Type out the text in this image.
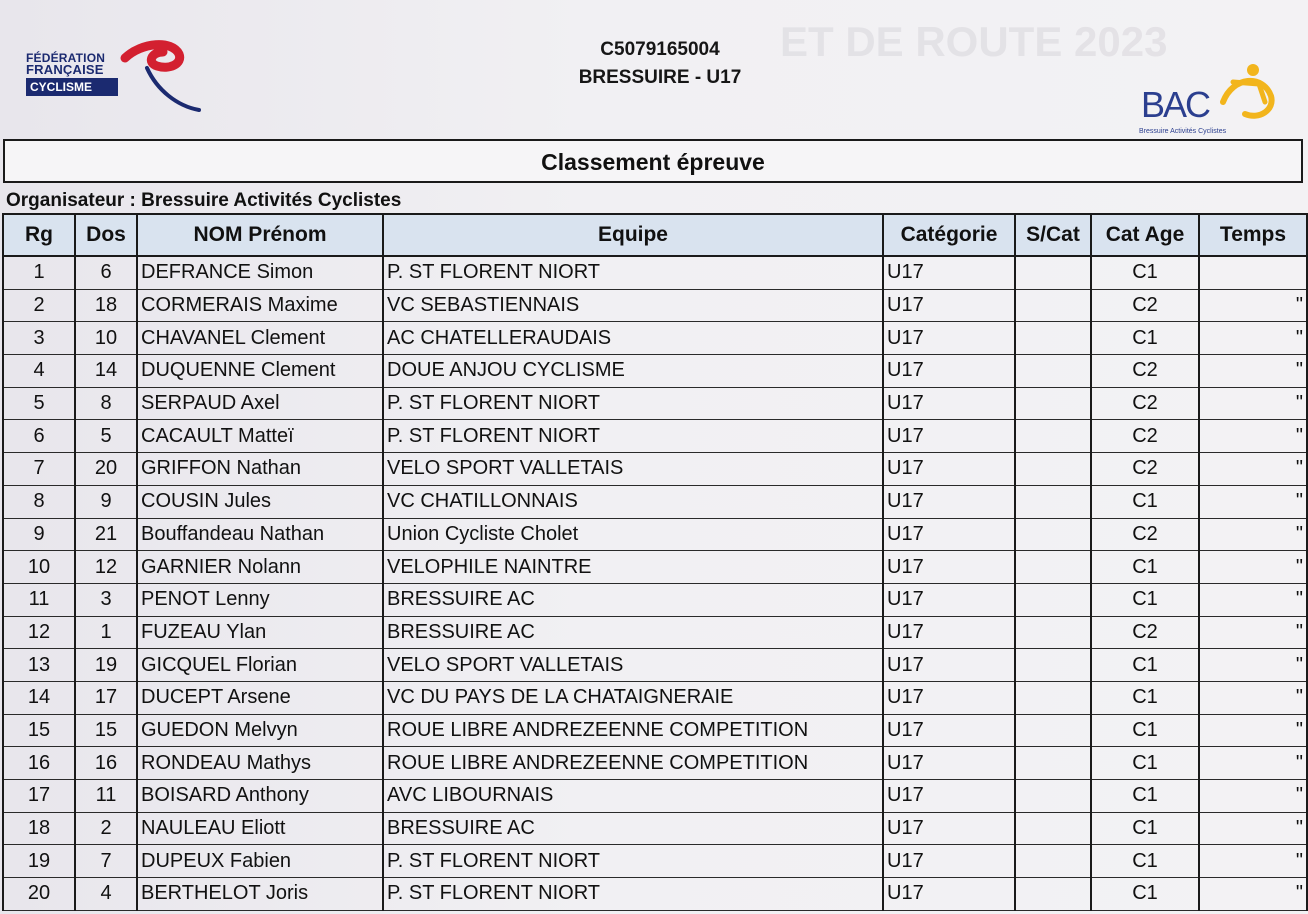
ET DE ROUTE 2023
FÉDÉRATION
FRANÇAISE
CYCLISME
C5079165004
BRESSUIRE - U17
BAC
Bressuire Activités Cyclistes
Classement épreuve
Organisateur : Bressuire Activités Cyclistes
Rg	Dos	NOM Prénom	Equipe	Catégorie	S/Cat	Cat Age	Temps
1	6	DEFRANCE Simon	P. ST FLORENT NIORT	U17		C1	
2	18	CORMERAIS Maxime	VC SEBASTIENNAIS	U17		C2	"
3	10	CHAVANEL Clement	AC CHATELLERAUDAIS	U17		C1	"
4	14	DUQUENNE Clement	DOUE ANJOU CYCLISME	U17		C2	"
5	8	SERPAUD Axel	P. ST FLORENT NIORT	U17		C2	"
6	5	CACAULT Matteï	P. ST FLORENT NIORT	U17		C2	"
7	20	GRIFFON Nathan	VELO SPORT VALLETAIS	U17		C2	"
8	9	COUSIN Jules	VC CHATILLONNAIS	U17		C1	"
9	21	Bouffandeau Nathan	Union Cycliste Cholet	U17		C2	"
10	12	GARNIER Nolann	VELOPHILE NAINTRE	U17		C1	"
11	3	PENOT Lenny	BRESSUIRE AC	U17		C1	"
12	1	FUZEAU Ylan	BRESSUIRE AC	U17		C2	"
13	19	GICQUEL Florian	VELO SPORT VALLETAIS	U17		C1	"
14	17	DUCEPT Arsene	VC DU PAYS DE LA CHATAIGNERAIE	U17		C1	"
15	15	GUEDON Melvyn	ROUE LIBRE ANDREZEENNE COMPETITION	U17		C1	"
16	16	RONDEAU Mathys	ROUE LIBRE ANDREZEENNE COMPETITION	U17		C1	"
17	11	BOISARD Anthony	AVC LIBOURNAIS	U17		C1	"
18	2	NAULEAU Eliott	BRESSUIRE AC	U17		C1	"
19	7	DUPEUX Fabien	P. ST FLORENT NIORT	U17		C1	"
20	4	BERTHELOT Joris	P. ST FLORENT NIORT	U17		C1	"
